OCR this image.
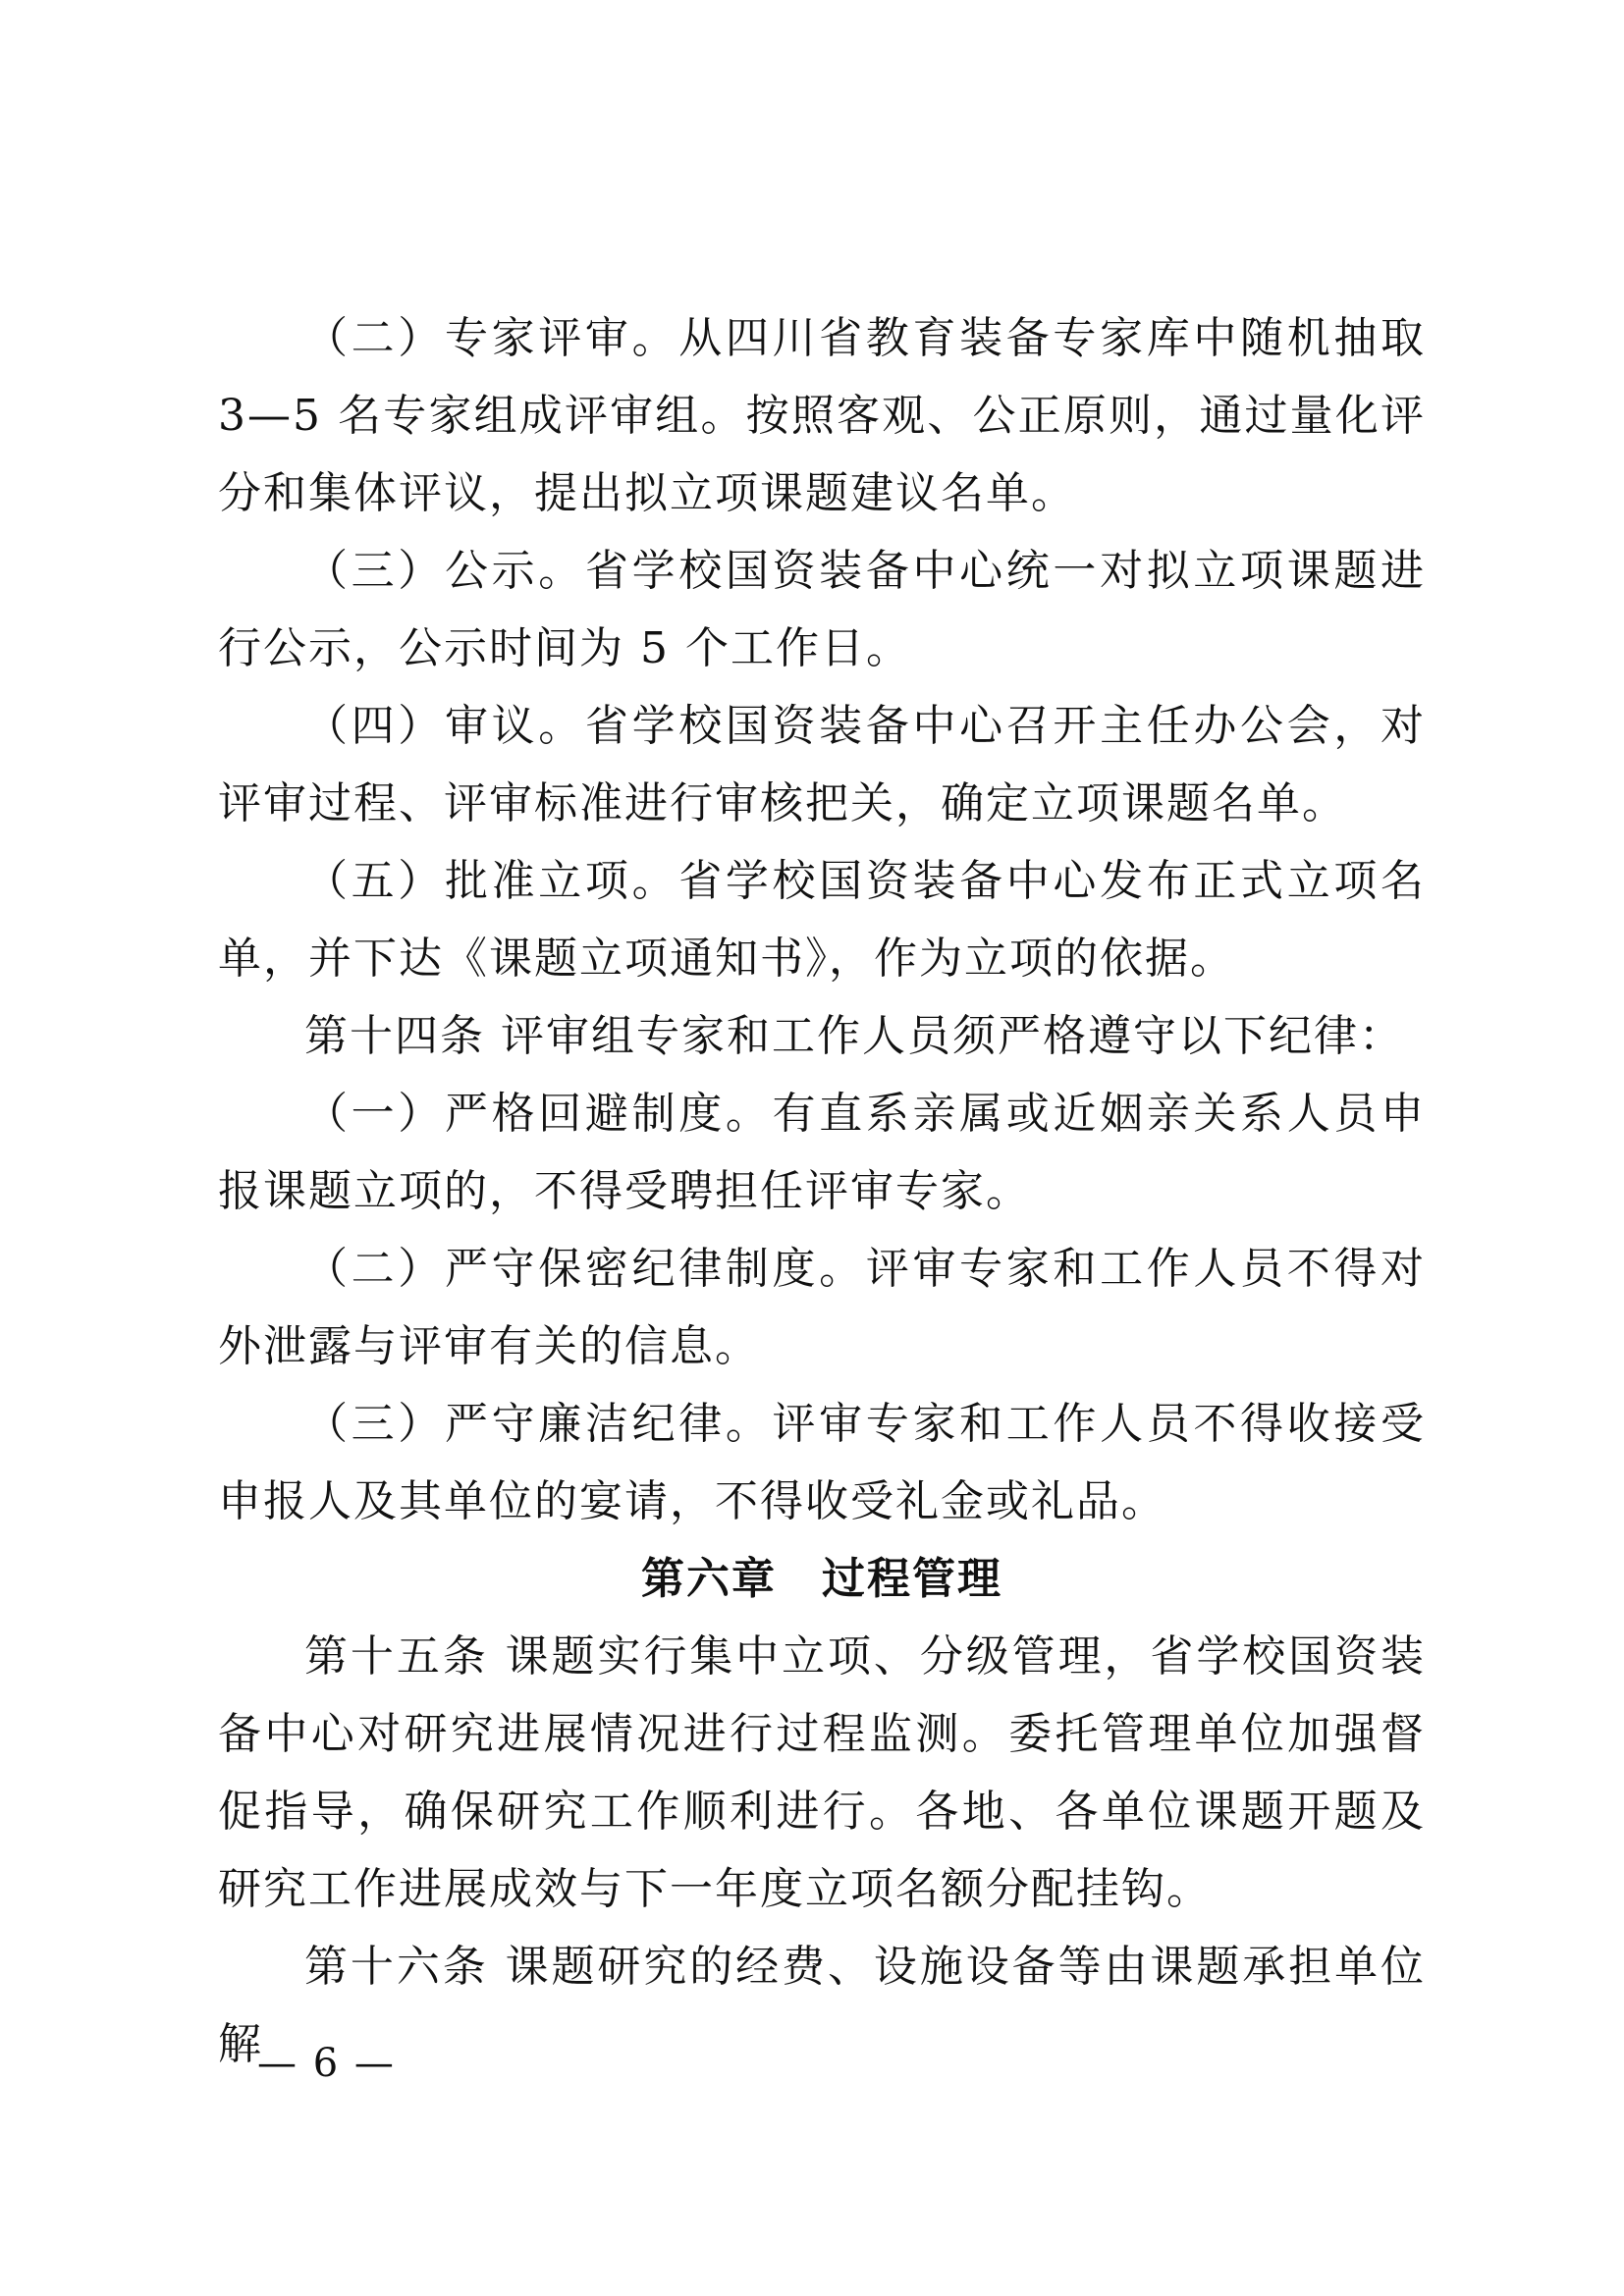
（二）专家评审。从四川省教育装备专家库中随机抽取 3—5 名专家组成评审组。按照客观、公正原则，通过量化评分和集体评议，提出拟立项课题建议名单。

（三）公示。省学校国资装备中心统一对拟立项课题进行公示，公示时间为 5 个工作日。

（四）审议。省学校国资装备中心召开主任办公会，对评审过程、评审标准进行审核把关，确定立项课题名单。

（五）批准立项。省学校国资装备中心发布正式立项名单，并下达《课题立项通知书》，作为立项的依据。

第十四条 评审组专家和工作人员须严格遵守以下纪律：

（一）严格回避制度。有直系亲属或近姻亲关系人员申报课题立项的，不得受聘担任评审专家。

（二）严守保密纪律制度。评审专家和工作人员不得对外泄露与评审有关的信息。

（三）严守廉洁纪律。评审专家和工作人员不得收接受申报人及其单位的宴请，不得收受礼金或礼品。

第六章　过程管理

第十五条 课题实行集中立项、分级管理，省学校国资装备中心对研究进展情况进行过程监测。委托管理单位加强督促指导，确保研究工作顺利进行。各地、各单位课题开题及研究工作进展成效与下一年度立项名额分配挂钩。

第十六条 课题研究的经费、设施设备等由课题承担单位解

— 6 —
